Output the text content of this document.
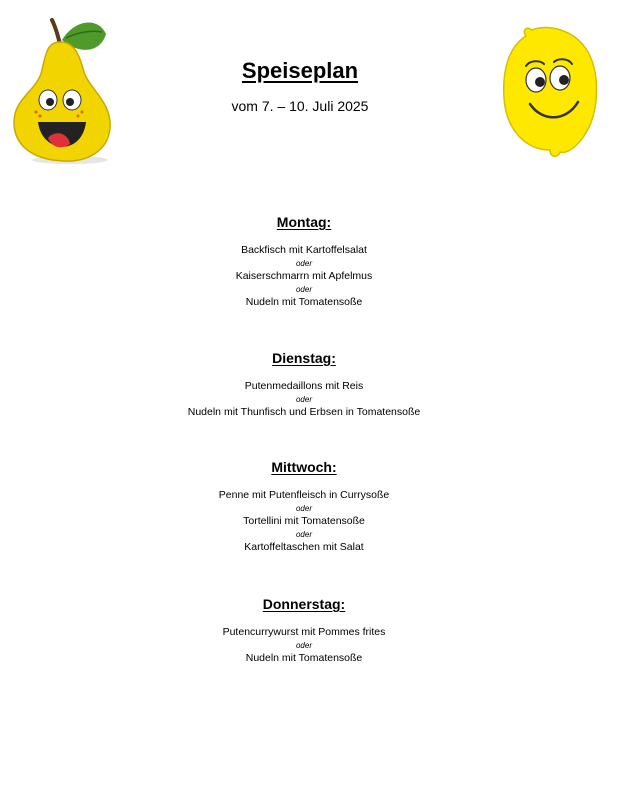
Speiseplan
vom 7. – 10. Juli 2025
Montag:

Backfisch mit Kartoffelsalat

oder

Kaiserschmarrn mit Apfelmus

oder

Nudeln mit Tomatensoße

Dienstag:

Putenmedaillons mit Reis

oder

Nudeln mit Thunfisch und Erbsen in Tomatensoße

Mittwoch:

Penne mit Putenfleisch in Currysoße

oder

Tortellini mit Tomatensoße

oder

Kartoffeltaschen mit Salat

Donnerstag:

Putencurrywurst mit Pommes frites

oder

Nudeln mit Tomatensoße
